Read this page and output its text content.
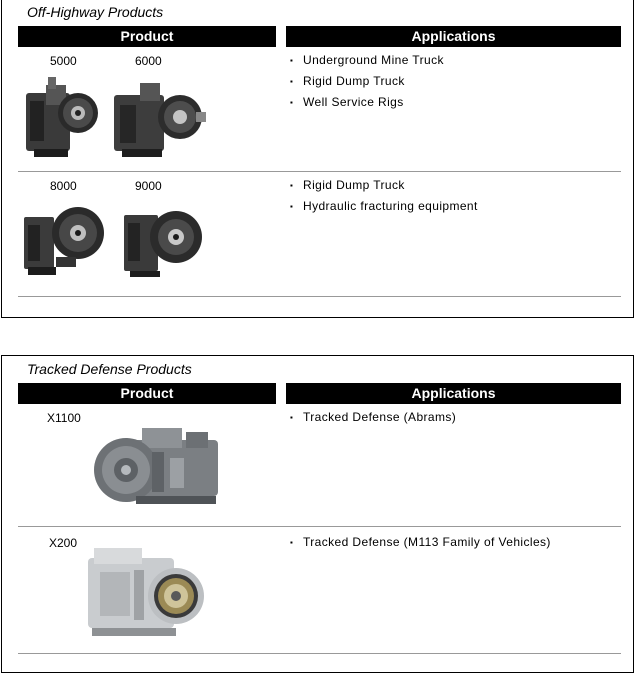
Off-Highway Products
Product	Applications
5000	6000	▪ Underground Mine Truck
▪ Rigid Dump Truck
▪ Well Service Rigs
8000	9000	▪ Rigid Dump Truck
▪ Hydraulic fracturing equipment
Tracked Defense Products
Product	Applications
X1100	▪ Tracked Defense (Abrams)
X200	▪ Tracked Defense (M113 Family of Vehicles)
